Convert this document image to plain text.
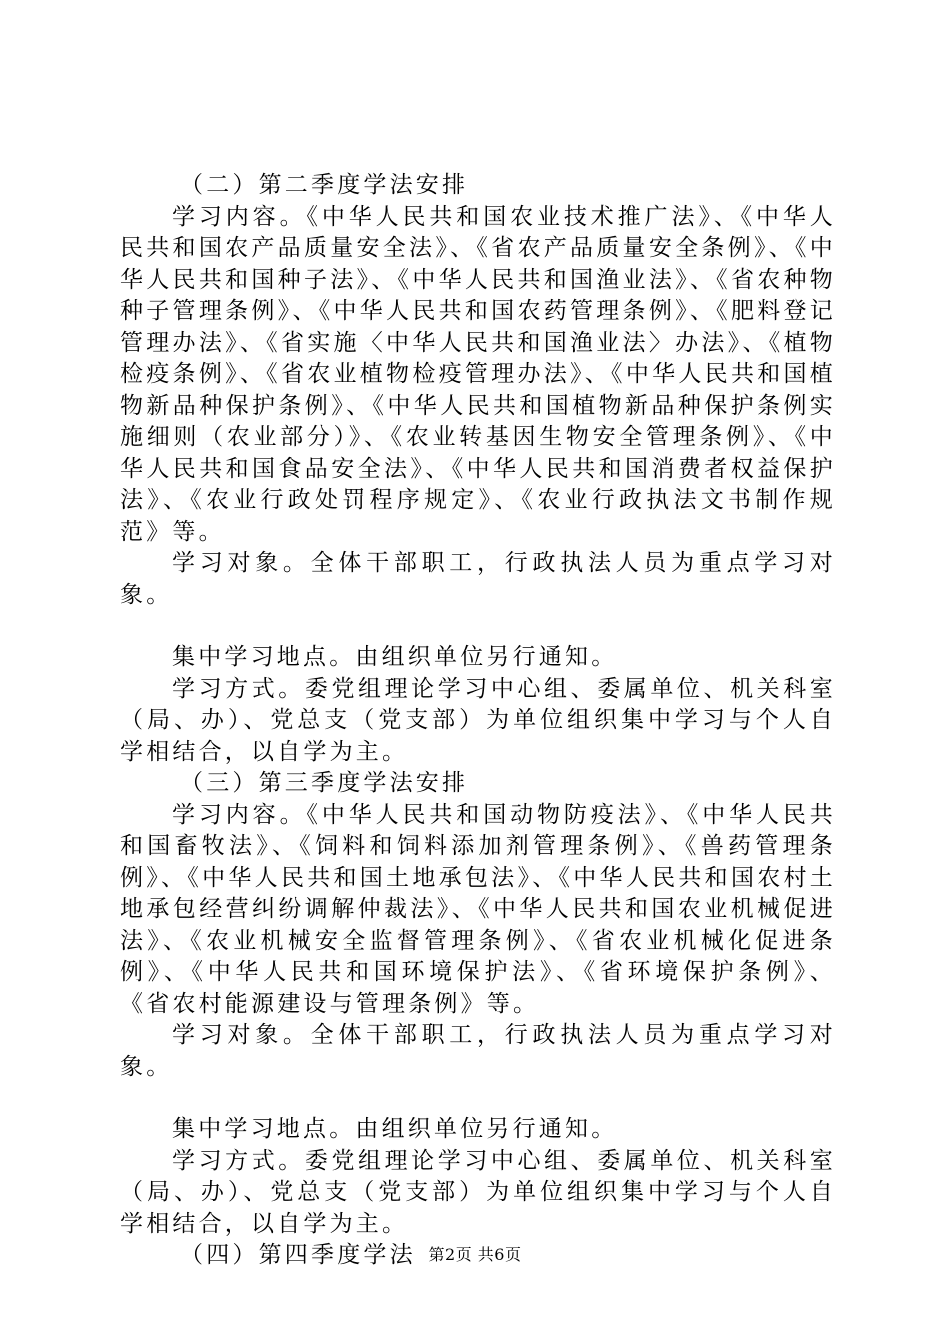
（二）第二季度学法安排

学习内容。《中华人民共和国农业技术推广法》、《中华人民共和国农产品质量安全法》、《省农产品质量安全条例》、《中华人民共和国种子法》、《中华人民共和国渔业法》、《省农种物种子管理条例》、《中华人民共和国农药管理条例》、《肥料登记管理办法》、《省实施〈中华人民共和国渔业法〉办法》、《植物检疫条例》、《省农业植物检疫管理办法》、《中华人民共和国植物新品种保护条例》、《中华人民共和国植物新品种保护条例实施细则（农业部分）》、《农业转基因生物安全管理条例》、《中华人民共和国食品安全法》、《中华人民共和国消费者权益保护法》、《农业行政处罚程序规定》、《农业行政执法文书制作规范》等。

学习对象。全体干部职工，行政执法人员为重点学习对象。

集中学习地点。由组织单位另行通知。

学习方式。委党组理论学习中心组、委属单位、机关科室（局、办）、党总支（党支部）为单位组织集中学习与个人自学相结合，以自学为主。

（三）第三季度学法安排

学习内容。《中华人民共和国动物防疫法》、《中华人民共和国畜牧法》、《饲料和饲料添加剂管理条例》、《兽药管理条例》、《中华人民共和国土地承包法》、《中华人民共和国农村土地承包经营纠纷调解仲裁法》、《中华人民共和国农业机械促进法》、《农业机械安全监督管理条例》、《省农业机械化促进条例》、《中华人民共和国环境保护法》、《省环境保护条例》、《省农村能源建设与管理条例》等。

学习对象。全体干部职工，行政执法人员为重点学习对象。

集中学习地点。由组织单位另行通知。

学习方式。委党组理论学习中心组、委属单位、机关科室（局、办）、党总支（党支部）为单位组织集中学习与个人自学相结合，以自学为主。

（四）第四季度学法 第2页 共6页
